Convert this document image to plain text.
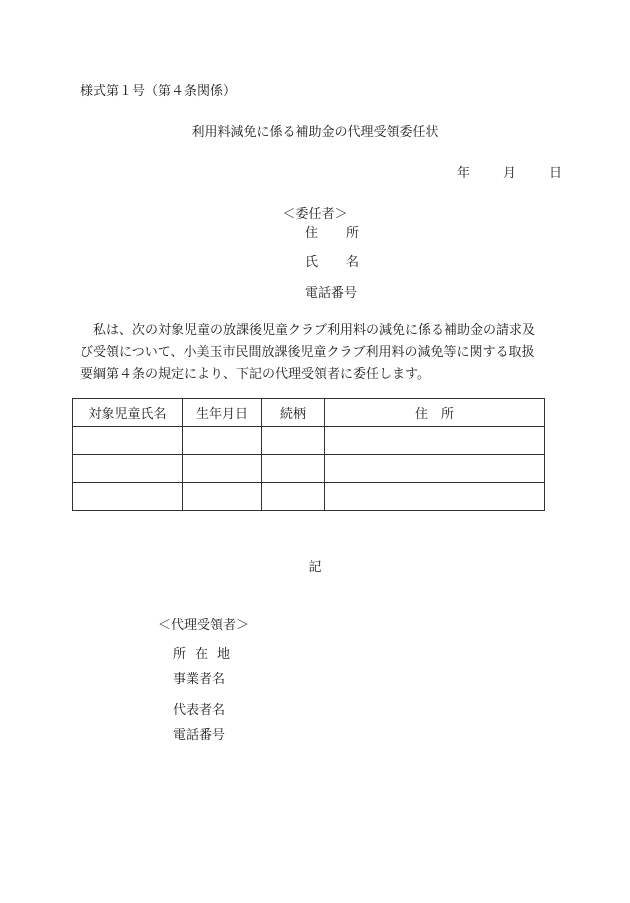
様式第１号（第４条関係）
利用料減免に係る補助金の代理受領委任状
年	月	日
＜委任者＞
住 所
氏 名
電話番号
　私は、次の対象児童の放課後児童クラブ利用料の減免に係る補助金の請求及
び受領について、小美玉市民間放課後児童クラブ利用料の減免等に関する取扱
要綱第４条の規定により、下記の代理受領者に委任します。
対象児童氏名	生年月日	続柄	住　所

記
＜代理受領者＞
所 在 地
事業者名
代表者名
電話番号
